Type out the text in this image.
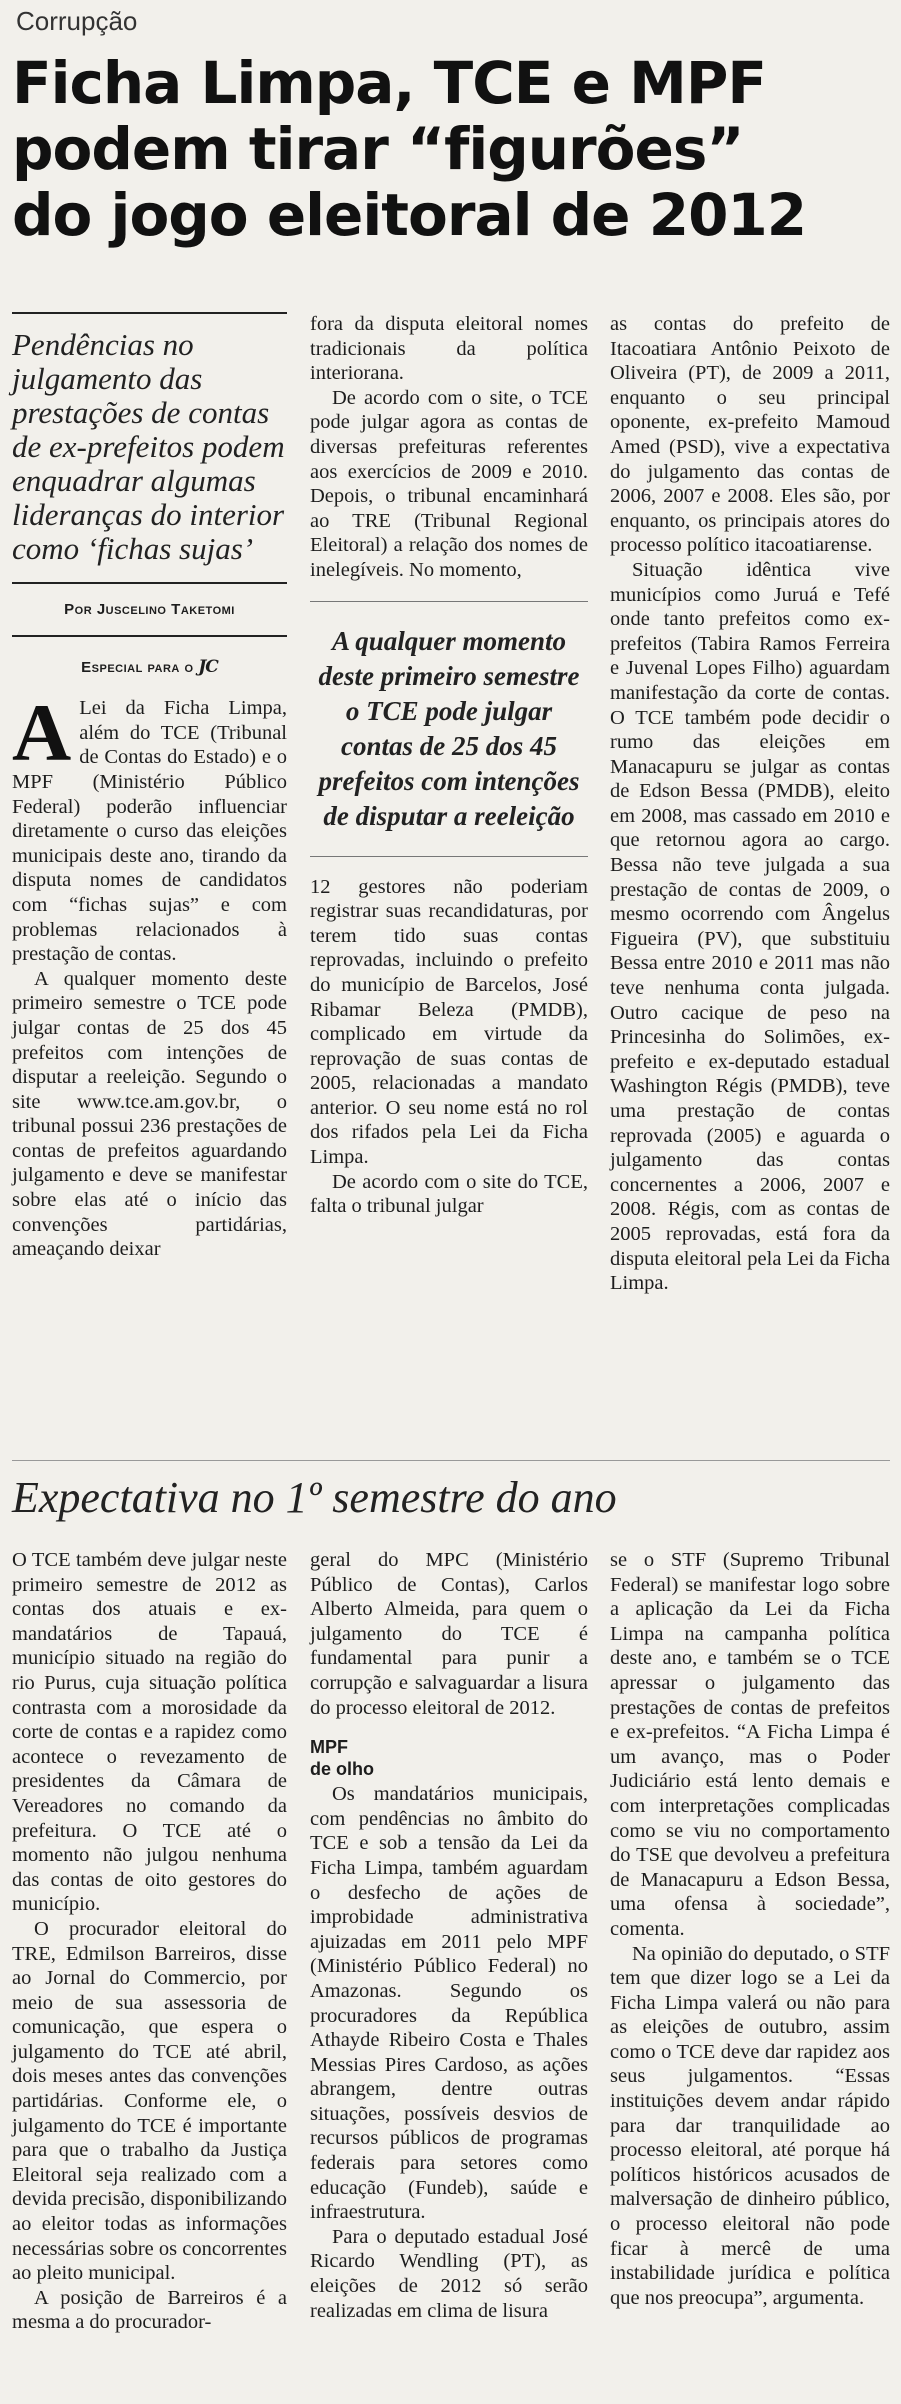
Corrupção
Ficha Limpa, TCE e MPF
podem tirar “figurões”
do jogo eleitoral de 2012
Pendências no julgamento das prestações de contas de ex-prefeitos podem enquadrar algumas lideranças do interior como ‘fichas sujas’
Por Juscelino Taketomi
Especial para o JC

A Lei da Ficha Limpa, além do TCE (Tribunal de Contas do Estado) e o MPF (Ministério Público Federal) poderão influenciar diretamente o curso das eleições municipais deste ano, tirando da disputa nomes de candidatos com “fichas sujas” e com problemas relacionados à prestação de contas.

A qualquer momento deste primeiro semestre o TCE pode julgar contas de 25 dos 45 prefeitos com intenções de disputar a reeleição. Segundo o site www.tce.am.gov.br, o tribunal possui 236 prestações de contas de prefeitos aguardando julgamento e deve se manifestar sobre elas até o início das convenções partidárias, ameaçando deixar

fora da disputa eleitoral nomes tradicionais da política interiorana.

De acordo com o site, o TCE pode julgar agora as contas de diversas prefeituras referentes aos exercícios de 2009 e 2010. Depois, o tribunal encaminhará ao TRE (Tribunal Regional Eleitoral) a relação dos nomes de inelegíveis. No momento,

A qualquer momento deste primeiro semestre o TCE pode julgar contas de 25 dos 45 prefeitos com intenções de disputar a reeleição

12 gestores não poderiam registrar suas recandidaturas, por terem tido suas contas reprovadas, incluindo o prefeito do município de Barcelos, José Ribamar Beleza (PMDB), complicado em virtude da reprovação de suas contas de 2005, relacionadas a mandato anterior. O seu nome está no rol dos rifados pela Lei da Ficha Limpa.

De acordo com o site do TCE, falta o tribunal julgar

as contas do prefeito de Itacoatiara Antônio Peixoto de Oliveira (PT), de 2009 a 2011, enquanto o seu principal oponente, ex-prefeito Mamoud Amed (PSD), vive a expectativa do julgamento das contas de 2006, 2007 e 2008. Eles são, por enquanto, os principais atores do processo político itacoatiarense.

Situação idêntica vive municípios como Juruá e Tefé onde tanto prefeitos como ex-prefeitos (Tabira Ramos Ferreira e Juvenal Lopes Filho) aguardam manifestação da corte de contas. O TCE também pode decidir o rumo das eleições em Manacapuru se julgar as contas de Edson Bessa (PMDB), eleito em 2008, mas cassado em 2010 e que retornou agora ao cargo. Bessa não teve julgada a sua prestação de contas de 2009, o mesmo ocorrendo com Ângelus Figueira (PV), que substituiu Bessa entre 2010 e 2011 mas não teve nenhuma conta julgada. Outro cacique de peso na Princesinha do Solimões, ex-prefeito e ex-deputado estadual Washington Régis (PMDB), teve uma prestação de contas reprovada (2005) e aguarda o julgamento das contas concernentes a 2006, 2007 e 2008. Régis, com as contas de 2005 reprovadas, está fora da disputa eleitoral pela Lei da Ficha Limpa.

Expectativa no 1º semestre do ano

O TCE também deve julgar neste primeiro semestre de 2012 as contas dos atuais e ex-mandatários de Tapauá, município situado na região do rio Purus, cuja situação política contrasta com a morosidade da corte de contas e a rapidez como acontece o revezamento de presidentes da Câmara de Vereadores no comando da prefeitura. O TCE até o momento não julgou nenhuma das contas de oito gestores do município.

O procurador eleitoral do TRE, Edmilson Barreiros, disse ao Jornal do Commercio, por meio de sua assessoria de comunicação, que espera o julgamento do TCE até abril, dois meses antes das convenções partidárias. Conforme ele, o julgamento do TCE é importante para que o trabalho da Justiça Eleitoral seja realizado com a devida precisão, disponibilizando ao eleitor todas as informações necessárias sobre os concorrentes ao pleito municipal.

A posição de Barreiros é a mesma a do procurador-

geral do MPC (Ministério Público de Contas), Carlos Alberto Almeida, para quem o julgamento do TCE é fundamental para punir a corrupção e salvaguardar a lisura do processo eleitoral de 2012.

MPF
de olho

Os mandatários municipais, com pendências no âmbito do TCE e sob a tensão da Lei da Ficha Limpa, também aguardam o desfecho de ações de improbidade administrativa ajuizadas em 2011 pelo MPF (Ministério Público Federal) no Amazonas. Segundo os procuradores da República Athayde Ribeiro Costa e Thales Messias Pires Cardoso, as ações abrangem, dentre outras situações, possíveis desvios de recursos públicos de programas federais para setores como educação (Fundeb), saúde e infraestrutura.

Para o deputado estadual José Ricardo Wendling (PT), as eleições de 2012 só serão realizadas em clima de lisura

se o STF (Supremo Tribunal Federal) se manifestar logo sobre a aplicação da Lei da Ficha Limpa na campanha política deste ano, e também se o TCE apressar o julgamento das prestações de contas de prefeitos e ex-prefeitos. “A Ficha Limpa é um avanço, mas o Poder Judiciário está lento demais e com interpretações complicadas como se viu no comportamento do TSE que devolveu a prefeitura de Manacapuru a Edson Bessa, uma ofensa à sociedade”, comenta.

Na opinião do deputado, o STF tem que dizer logo se a Lei da Ficha Limpa valerá ou não para as eleições de outubro, assim como o TCE deve dar rapidez aos seus julgamentos. “Essas instituições devem andar rápido para dar tranquilidade ao processo eleitoral, até porque há políticos históricos acusados de malversação de dinheiro público, o processo eleitoral não pode ficar à mercê de uma instabilidade jurídica e política que nos preocupa”, argumenta.
